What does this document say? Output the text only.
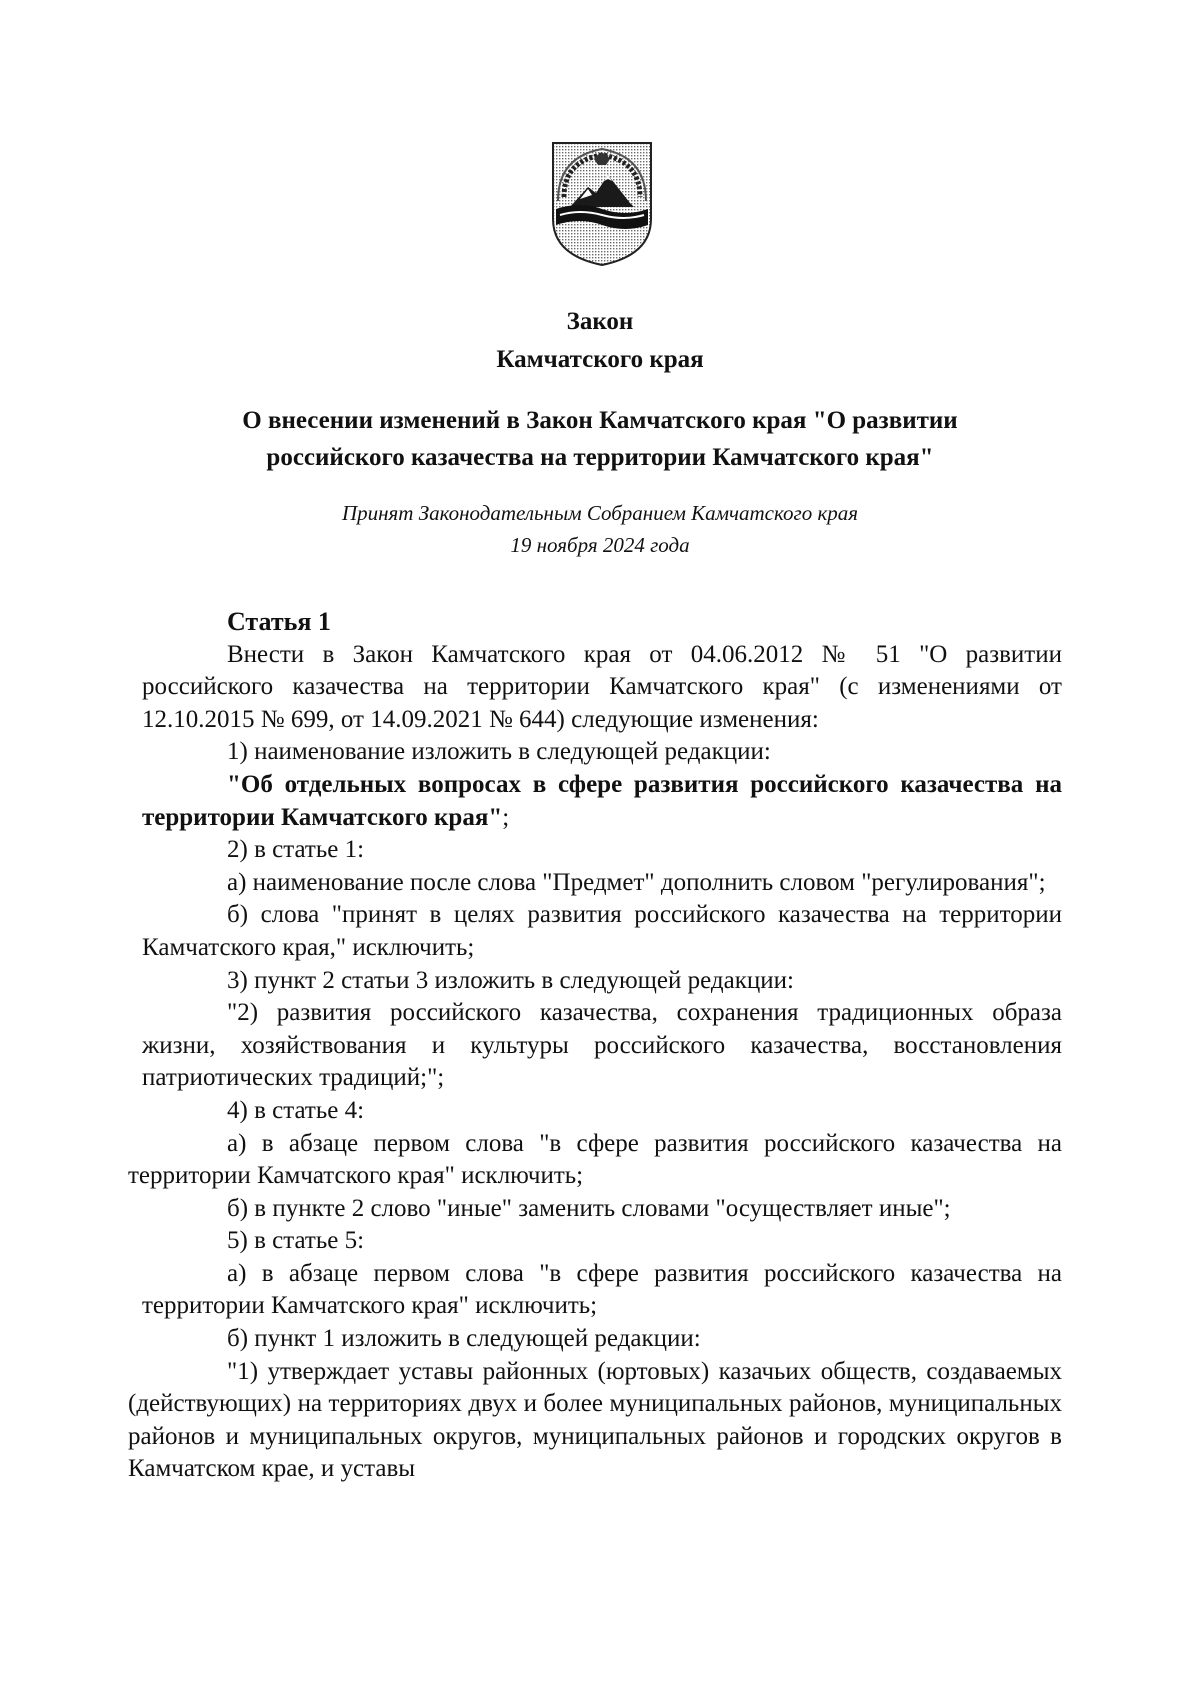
Закон
Камчатского края
О внесении изменений в Закон Камчатского края "О развитии
российского казачества на территории Камчатского края"
Принят Законодательным Собранием Камчатского края
19 ноября 2024 года

Статья 1

Внести в Закон Камчатского края от 04.06.2012 № 51 "О развитии российского казачества на территории Камчатского края" (с изменениями от 12.10.2015 № 699, от 14.09.2021 № 644) следующие изменения:

1) наименование изложить в следующей редакции:

"Об отдельных вопросах в сфере развития российского казачества на территории Камчатского края";

2) в статье 1:

а) наименование после слова "Предмет" дополнить словом "регулирования";

б) слова "принят в целях развития российского казачества на территории Камчатского края," исключить;

3) пункт 2 статьи 3 изложить в следующей редакции:

"2) развития российского казачества, сохранения традиционных образа жизни, хозяйствования и культуры российского казачества, восстановления патриотических традиций;";

4) в статье 4:

а) в абзаце первом слова "в сфере развития российского казачества на территории Камчатского края" исключить;

б) в пункте 2 слово "иные" заменить словами "осуществляет иные";

5) в статье 5:

а) в абзаце первом слова "в сфере развития российского казачества на территории Камчатского края" исключить;

б) пункт 1 изложить в следующей редакции:

"1) утверждает уставы районных (юртовых) казачьих обществ, создаваемых (действующих) на территориях двух и более муниципальных районов, муниципальных районов и муниципальных округов, муниципальных районов и городских округов в Камчатском крае, и уставы
